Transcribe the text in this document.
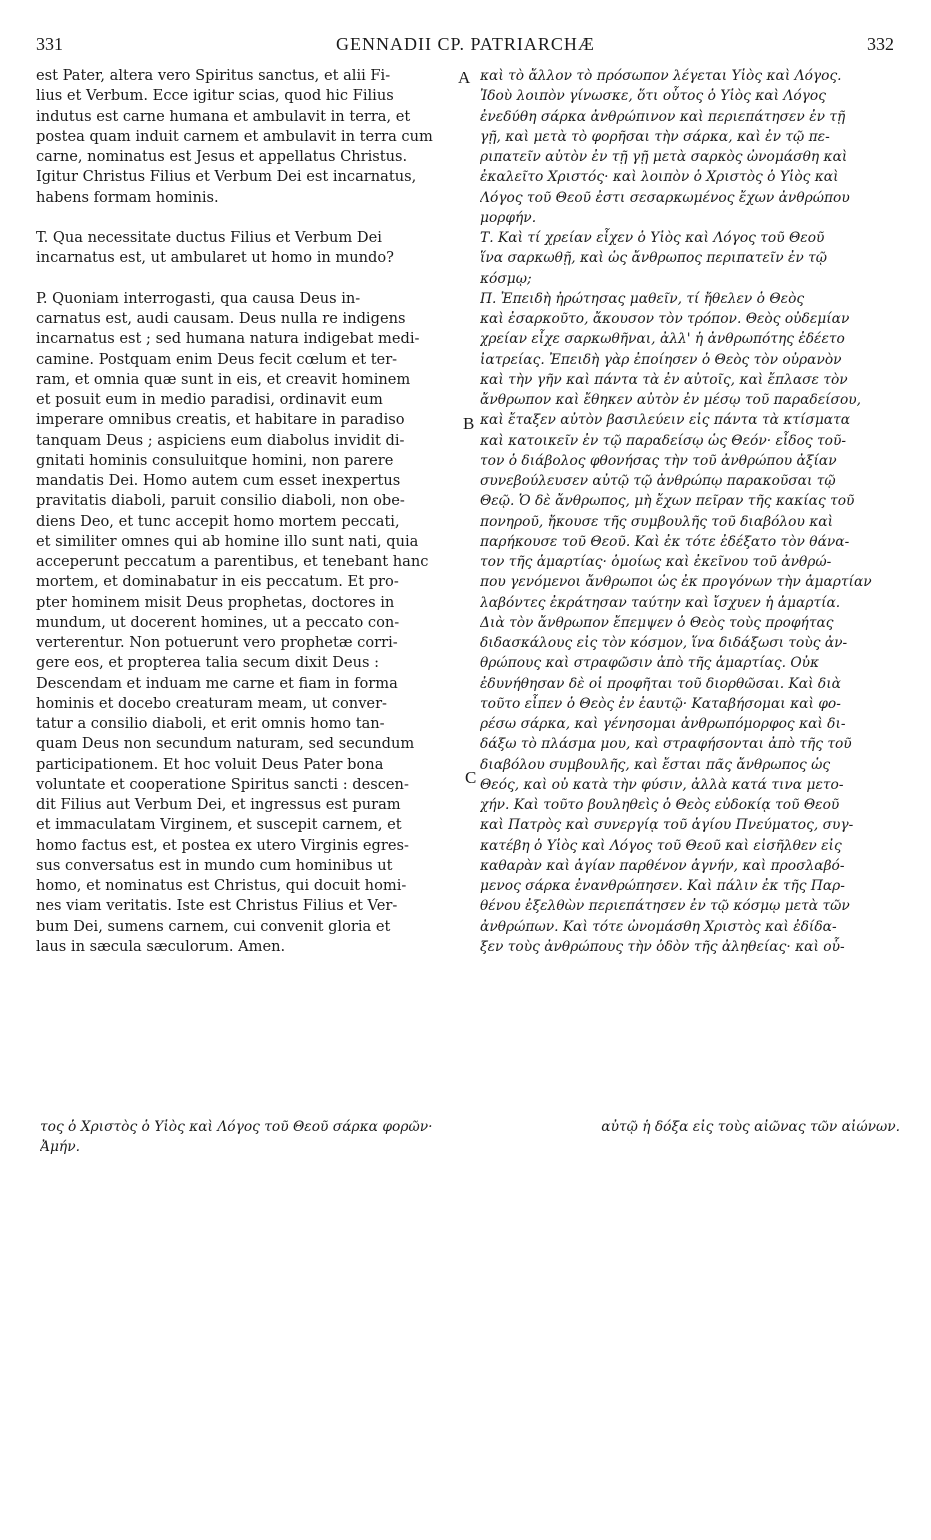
331	GENNADII CP. PATRIARCHÆ	332
A
B
C
est Pater, altera vero Spiritus sanctus, et alii Fi-
lius et Verbum. Ecce igitur scias, quod hic Filius
indutus est carne humana et ambulavit in terra, et
postea quam induit carnem et ambulavit in terra cum
carne, nominatus est Jesus et appellatus Christus.
Igitur Christus Filius et Verbum Dei est incarnatus,
habens formam hominis.
T. Qua necessitate ductus Filius et Verbum Dei
incarnatus est, ut ambularet ut homo in mundo?
P. Quoniam interrogasti, qua causa Deus in-
carnatus est, audi causam. Deus nulla re indigens
incarnatus est ; sed humana natura indigebat medi-
camine. Postquam enim Deus fecit cœlum et ter-
ram, et omnia quæ sunt in eis, et creavit hominem
et posuit eum in medio paradisi, ordinavit eum
imperare omnibus creatis, et habitare in paradiso
tanquam Deus ; aspiciens eum diabolus invidit di-
gnitati hominis consuluitque homini, non parere
mandatis Dei. Homo autem cum esset inexpertus
pravitatis diaboli, paruit consilio diaboli, non obe-
diens Deo, et tunc accepit homo mortem peccati,
et similiter omnes qui ab homine illo sunt nati, quia
acceperunt peccatum a parentibus, et tenebant hanc
mortem, et dominabatur in eis peccatum. Et pro-
pter hominem misit Deus prophetas, doctores in
mundum, ut docerent homines, ut a peccato con-
verterentur. Non potuerunt vero prophetæ corri-
gere eos, et propterea talia secum dixit Deus :
Descendam et induam me carne et fiam in forma
hominis et docebo creaturam meam, ut conver-
tatur a consilio diaboli, et erit omnis homo tan-
quam Deus non secundum naturam, sed secundum
participationem. Et hoc voluit Deus Pater bona
voluntate et cooperatione Spiritus sancti : descen-
dit Filius aut Verbum Dei, et ingressus est puram
et immaculatam Virginem, et suscepit carnem, et
homo factus est, et postea ex utero Virginis egres-
sus conversatus est in mundo cum hominibus ut
homo, et nominatus est Christus, qui docuit homi-
nes viam veritatis. Iste est Christus Filius et Ver-
bum Dei, sumens carnem, cui convenit gloria et
laus in sæcula sæculorum. Amen.
καὶ τὸ ἄλλον τὸ πρόσωπον λέγεται Υἱὸς καὶ Λόγος.
Ἰδοὺ λοιπὸν γίνωσκε, ὅτι οὗτος ὁ Υἱὸς καὶ Λόγος
ἐνεδύθη σάρκα ἀνθρώπινον καὶ περιεπάτησεν ἐν τῇ
γῇ, καὶ μετὰ τὸ φορῆσαι τὴν σάρκα, καὶ ἐν τῷ πε-
ριπατεῖν αὐτὸν ἐν τῇ γῇ μετὰ σαρκὸς ὠνομάσθη καὶ
ἐκαλεῖτο Χριστός· καὶ λοιπὸν ὁ Χριστὸς ὁ Υἱὸς καὶ
Λόγος τοῦ Θεοῦ ἐστι σεσαρκωμένος ἔχων ἀνθρώπου
μορφήν.
Τ. Καὶ τί χρείαν εἶχεν ὁ Υἱὸς καὶ Λόγος τοῦ Θεοῦ
ἵνα σαρκωθῇ, καὶ ὡς ἄνθρωπος περιπατεῖν ἐν τῷ
κόσμῳ;
Π. Ἐπειδὴ ἠρώτησας μαθεῖν, τί ἤθελεν ὁ Θεὸς
καὶ ἐσαρκοῦτο, ἄκουσον τὸν τρόπον. Θεὸς οὐδεμίαν
χρείαν εἶχε σαρκωθῆναι, ἀλλ' ἡ ἀνθρωπότης ἐδέετο
ἰατρείας. Ἐπειδὴ γὰρ ἐποίησεν ὁ Θεὸς τὸν οὐρανὸν
καὶ τὴν γῆν καὶ πάντα τὰ ἐν αὐτοῖς, καὶ ἔπλασε τὸν
ἄνθρωπον καὶ ἔθηκεν αὐτὸν ἐν μέσῳ τοῦ παραδείσου,
καὶ ἔταξεν αὐτὸν βασιλεύειν εἰς πάντα τὰ κτίσματα
καὶ κατοικεῖν ἐν τῷ παραδείσῳ ὡς Θεόν· εἶδος τοῦ-
τον ὁ διάβολος φθονήσας τὴν τοῦ ἀνθρώπου ἀξίαν
συνεβούλευσεν αὐτῷ τῷ ἀνθρώπῳ παρακοῦσαι τῷ
Θεῷ. Ὁ δὲ ἄνθρωπος, μὴ ἔχων πεῖραν τῆς κακίας τοῦ
πονηροῦ, ἤκουσε τῆς συμβουλῆς τοῦ διαβόλου καὶ
παρήκουσε τοῦ Θεοῦ. Καὶ ἐκ τότε ἐδέξατο τὸν θάνα-
τον τῆς ἁμαρτίας· ὁμοίως καὶ ἐκεῖνου τοῦ ἀνθρώ-
που γενόμενοι ἄνθρωποι ὡς ἐκ προγόνων τὴν ἁμαρτίαν
λαβόντες ἐκράτησαν ταύτην καὶ ἴσχυεν ἡ ἁμαρτία.
Διὰ τὸν ἄνθρωπον ἔπεμψεν ὁ Θεὸς τοὺς προφήτας
διδασκάλους εἰς τὸν κόσμον, ἵνα διδάξωσι τοὺς ἀν-
θρώπους καὶ στραφῶσιν ἀπὸ τῆς ἁμαρτίας. Οὐκ
ἐδυνήθησαν δὲ οἱ προφῆται τοῦ διορθῶσαι. Καὶ διὰ
τοῦτο εἶπεν ὁ Θεὸς ἐν ἑαυτῷ· Καταβήσομαι καὶ φο-
ρέσω σάρκα, καὶ γένησομαι ἀνθρωπόμορφος καὶ δι-
δάξω τὸ πλάσμα μου, καὶ στραφήσονται ἀπὸ τῆς τοῦ
διαβόλου συμβουλῆς, καὶ ἔσται πᾶς ἄνθρωπος ὡς
Θεός, καὶ οὐ κατὰ τὴν φύσιν, ἀλλὰ κατά τινα μετο-
χήν. Καὶ τοῦτο βουληθεὶς ὁ Θεὸς εὐδοκίᾳ τοῦ Θεοῦ
καὶ Πατρὸς καὶ συνεργίᾳ τοῦ ἁγίου Πνεύματος, συγ-
κατέβη ὁ Υἱὸς καὶ Λόγος τοῦ Θεοῦ καὶ εἰσῆλθεν εἰς
καθαρὰν καὶ ἁγίαν παρθένον ἁγνήν, καὶ προσλαβό-
μενος σάρκα ἐνανθρώπησεν. Καὶ πάλιν ἐκ τῆς Παρ-
θένου ἐξελθὼν περιεπάτησεν ἐν τῷ κόσμῳ μετὰ τῶν
ἀνθρώπων. Καὶ τότε ὠνομάσθη Χριστὸς καὶ ἐδίδα-
ξεν τοὺς ἀνθρώπους τὴν ὁδὸν τῆς ἀληθείας· καὶ οὗ-
τος ὁ Χριστὸς ὁ Υἱὸς καὶ Λόγος τοῦ Θεοῦ σάρκα φορῶν·	αὐτῷ ἡ δόξα εἰς τοὺς αἰῶνας τῶν αἰώνων.
Ἀμήν.
